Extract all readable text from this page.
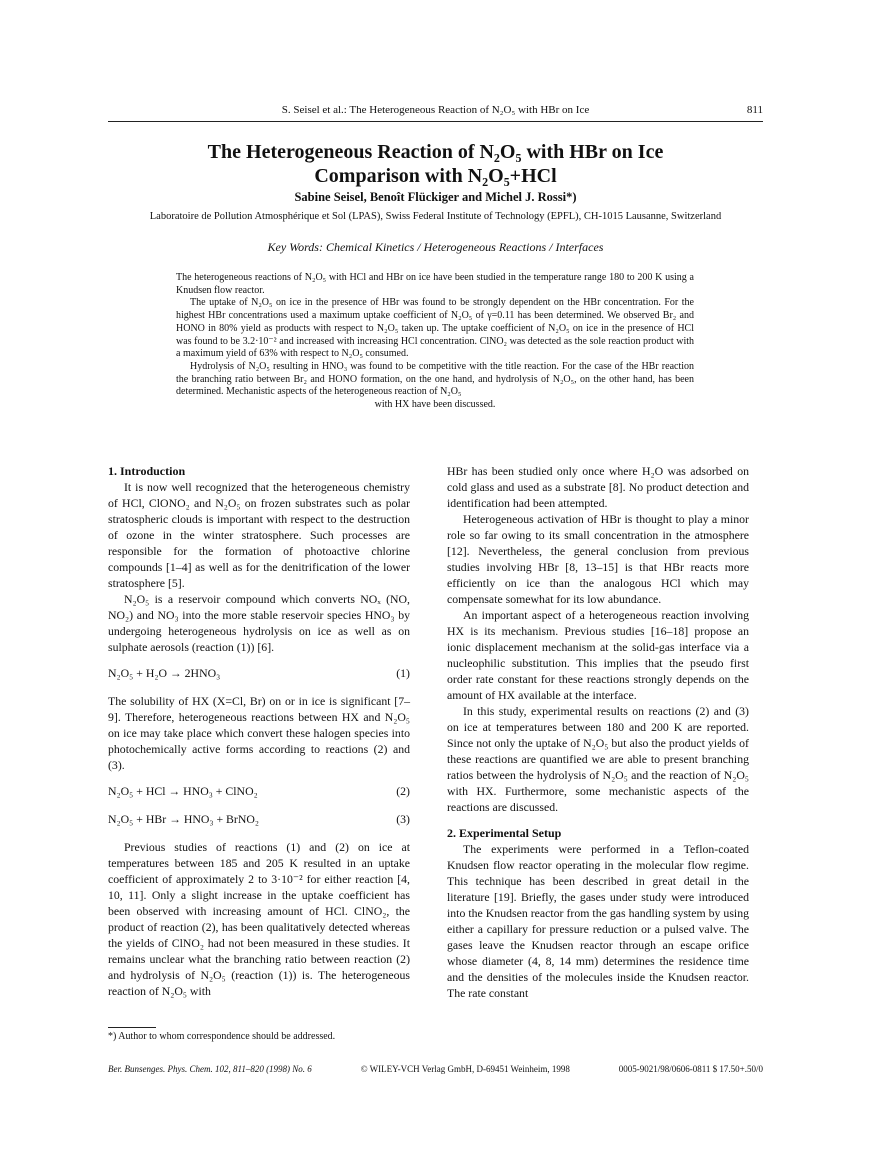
S. Seisel et al.: The Heterogeneous Reaction of N₂O₅ with HBr on Ice	811
The Heterogeneous Reaction of N₂O₅ with HBr on Ice
Comparison with N₂O₅+HCl
Sabine Seisel, Benoît Flückiger and Michel J. Rossi*)
Laboratoire de Pollution Atmosphérique et Sol (LPAS), Swiss Federal Institute of Technology (EPFL), CH-1015 Lausanne, Switzerland
Key Words: Chemical Kinetics / Heterogeneous Reactions / Interfaces

The heterogeneous reactions of N₂O₅ with HCl and HBr on ice have been studied in the temperature range 180 to 200 K using a Knudsen flow reactor.

The uptake of N₂O₅ on ice in the presence of HBr was found to be strongly dependent on the HBr concentration. For the highest HBr concentrations used a maximum uptake coefficient of N₂O₅ of γ=0.11 has been determined. We observed Br₂ and HONO in 80% yield as products with respect to N₂O₅ taken up. The uptake coefficient of N₂O₅ on ice in the presence of HCl was found to be 3.2·10⁻² and increased with increasing HCl concentration. ClNO₂ was detected as the sole reaction product with a maximum yield of 63% with respect to N₂O₅ consumed.

Hydrolysis of N₂O₅ resulting in HNO₃ was found to be competitive with the title reaction. For the case of the HBr reaction the branching ratio between Br₂ and HONO formation, on the one hand, and hydrolysis of N₂O₅, on the other hand, has been determined. Mechanistic aspects of the heterogeneous reaction of N₂O₅

with HX have been discussed.

1. Introduction

It is now well recognized that the heterogeneous chemistry of HCl, ClONO₂ and N₂O₅ on frozen substrates such as polar stratospheric clouds is important with respect to the destruction of ozone in the winter stratosphere. Such processes are responsible for the formation of photoactive chlorine compounds [1–4] as well as for the denitrification of the lower stratosphere [5].

N₂O₅ is a reservoir compound which converts NOₓ (NO, NO₂) and NO₃ into the more stable reservoir species HNO₃ by undergoing heterogeneous hydrolysis on ice as well as on sulphate aerosols (reaction (1)) [6].

N₂O₅ + H₂O → 2HNO₃	(1)

The solubility of HX (X=Cl, Br) on or in ice is significant [7–9]. Therefore, heterogeneous reactions between HX and N₂O₅ on ice may take place which convert these halogen species into photochemically active forms according to reactions (2) and (3).

N₂O₅ + HCl → HNO₃ + ClNO₂	(2)
N₂O₅ + HBr → HNO₃ + BrNO₂	(3)

Previous studies of reactions (1) and (2) on ice at temperatures between 185 and 205 K resulted in an uptake coefficient of approximately 2 to 3·10⁻² for either reaction [4, 10, 11]. Only a slight increase in the uptake coefficient has been observed with increasing amount of HCl. ClNO₂, the product of reaction (2), has been qualitatively detected whereas the yields of ClNO₂ had not been measured in these studies. It remains unclear what the branching ratio between reaction (2) and hydrolysis of N₂O₅ (reaction (1)) is. The heterogeneous reaction of N₂O₅ with

HBr has been studied only once where H₂O was adsorbed on cold glass and used as a substrate [8]. No product detection and identification had been attempted.

Heterogeneous activation of HBr is thought to play a minor role so far owing to its small concentration in the atmosphere [12]. Nevertheless, the general conclusion from previous studies involving HBr [8, 13–15] is that HBr reacts more efficiently on ice than the analogous HCl which may compensate somewhat for its low abundance.

An important aspect of a heterogeneous reaction involving HX is its mechanism. Previous studies [16–18] propose an ionic displacement mechanism at the solid-gas interface via a nucleophilic substitution. This implies that the pseudo first order rate constant for these reactions strongly depends on the amount of HX available at the interface.

In this study, experimental results on reactions (2) and (3) on ice at temperatures between 180 and 200 K are reported. Since not only the uptake of N₂O₅ but also the product yields of these reactions are quantified we are able to present branching ratios between the hydrolysis of N₂O₅ and the reaction of N₂O₅ with HX. Furthermore, some mechanistic aspects of the reactions are discussed.

2. Experimental Setup

The experiments were performed in a Teflon-coated Knudsen flow reactor operating in the molecular flow regime. This technique has been described in great detail in the literature [19]. Briefly, the gases under study were introduced into the Knudsen reactor from the gas handling system by using either a capillary for pressure reduction or a pulsed valve. The gases leave the Knudsen reactor through an escape orifice whose diameter (4, 8, 14 mm) determines the residence time and the densities of the molecules inside the Knudsen reactor. The rate constant

*) Author to whom correspondence should be addressed.
Ber. Bunsenges. Phys. Chem. 102, 811–820 (1998) No. 6	© WILEY-VCH Verlag GmbH, D-69451 Weinheim, 1998	0005-9021/98/0606-0811 $ 17.50+.50/0
